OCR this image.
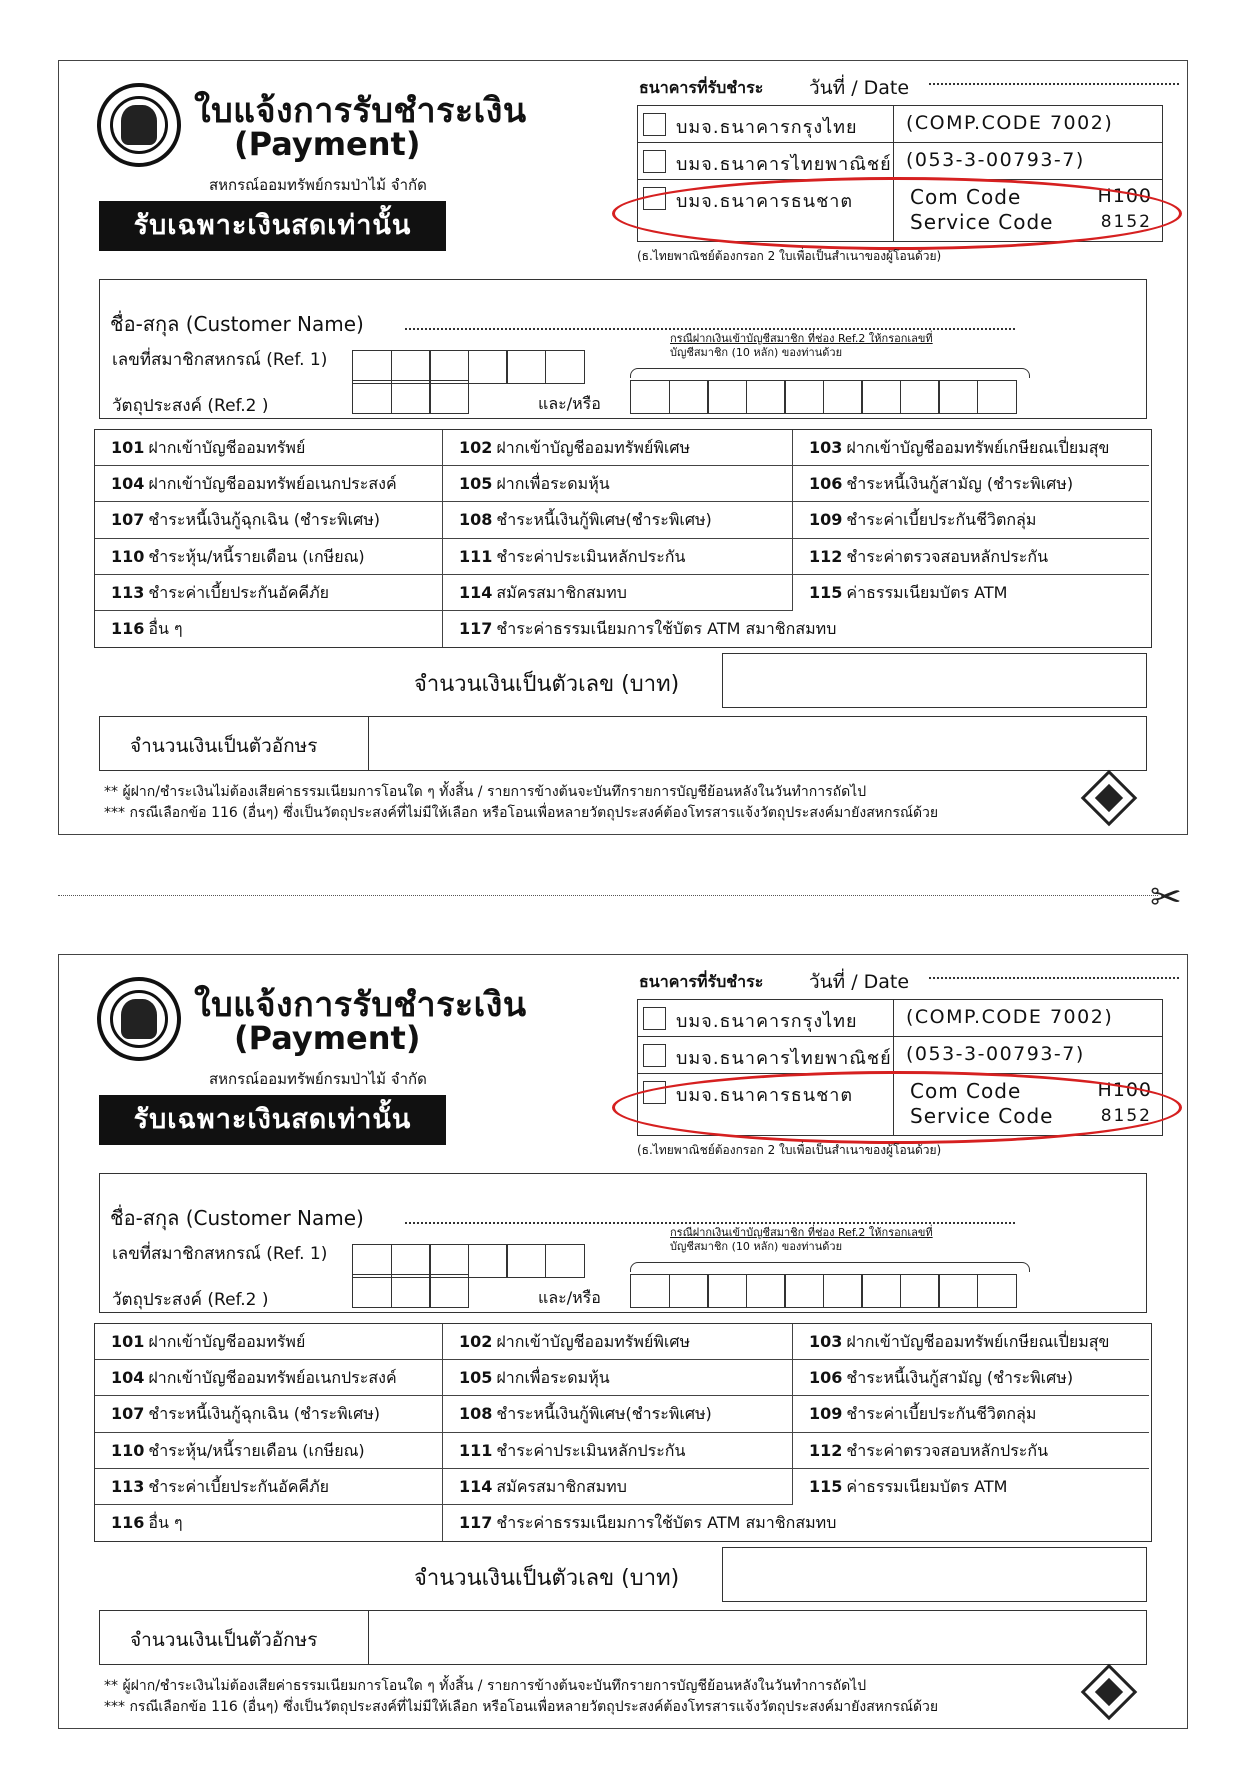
ใบแจ้งการรับชำระเงิน
(Payment)
สหกรณ์ออมทรัพย์กรมป่าไม้ จำกัด
รับเฉพาะเงินสดเท่านั้น
ธนาคารที่รับชำระ วันที่ / Date
บมจ.ธนาคารกรุงไทย	(COMP.CODE 7002)
บมจ.ธนาคารไทยพาณิชย์ (053-3-00793-7)
บมจ.ธนาคารธนชาต	Com Code	H100
Service Code	8152
(ธ.ไทยพาณิชย์ต้องกรอก 2 ใบเพื่อเป็นสำเนาของผู้โอนด้วย)
ชื่อ-สกุล (Customer Name)
เลขที่สมาชิกสหกรณ์ (Ref. 1)
กรณีฝากเงินเข้าบัญชีสมาชิก ที่ช่อง Ref.2 ให้กรอกเลขที่
บัญชีสมาชิก (10 หลัก) ของท่านด้วย
วัตถุประสงค์ (Ref.2 )	และ/หรือ
101 ฝากเข้าบัญชีออมทรัพย์	102 ฝากเข้าบัญชีออมทรัพย์พิเศษ	103 ฝากเข้าบัญชีออมทรัพย์เกษียณเปี่ยมสุข
104 ฝากเข้าบัญชีออมทรัพย์อเนกประสงค์	105 ฝากเพื่อระดมหุ้น	106 ชำระหนี้เงินกู้สามัญ (ชำระพิเศษ)
107 ชำระหนี้เงินกู้ฉุกเฉิน (ชำระพิเศษ)	108 ชำระหนี้เงินกู้พิเศษ(ชำระพิเศษ)	109 ชำระค่าเบี้ยประกันชีวิตกลุ่ม
110 ชำระหุ้น/หนี้รายเดือน (เกษียณ)	111 ชำระค่าประเมินหลักประกัน	112 ชำระค่าตรวจสอบหลักประกัน
113 ชำระค่าเบี้ยประกันอัคคีภัย	114 สมัครสมาชิกสมทบ	115 ค่าธรรมเนียมบัตร ATM
116 อื่น ๆ	117 ชำระค่าธรรมเนียมการใช้บัตร ATM สมาชิกสมทบ
จำนวนเงินเป็นตัวเลข (บาท)
จำนวนเงินเป็นตัวอักษร
** ผู้ฝาก/ชำระเงินไม่ต้องเสียค่าธรรมเนียมการโอนใด ๆ ทั้งสิ้น / รายการข้างต้นจะบันทึกรายการบัญชีย้อนหลังในวันทำการถัดไป
*** กรณีเลือกข้อ 116 (อื่นๆ) ซึ่งเป็นวัตถุประสงค์ที่ไม่มีให้เลือก หรือโอนเพื่อหลายวัตถุประสงค์ต้องโทรสารแจ้งวัตถุประสงค์มายังสหกรณ์ด้วย
✂
ใบแจ้งการรับชำระเงิน
(Payment)
สหกรณ์ออมทรัพย์กรมป่าไม้ จำกัด
รับเฉพาะเงินสดเท่านั้น
ธนาคารที่รับชำระ วันที่ / Date
บมจ.ธนาคารกรุงไทย	(COMP.CODE 7002)
บมจ.ธนาคารไทยพาณิชย์ (053-3-00793-7)
บมจ.ธนาคารธนชาต	Com Code	H100
Service Code	8152
(ธ.ไทยพาณิชย์ต้องกรอก 2 ใบเพื่อเป็นสำเนาของผู้โอนด้วย)
ชื่อ-สกุล (Customer Name)
เลขที่สมาชิกสหกรณ์ (Ref. 1)
กรณีฝากเงินเข้าบัญชีสมาชิก ที่ช่อง Ref.2 ให้กรอกเลขที่
บัญชีสมาชิก (10 หลัก) ของท่านด้วย
วัตถุประสงค์ (Ref.2 )	และ/หรือ
101 ฝากเข้าบัญชีออมทรัพย์	102 ฝากเข้าบัญชีออมทรัพย์พิเศษ	103 ฝากเข้าบัญชีออมทรัพย์เกษียณเปี่ยมสุข
104 ฝากเข้าบัญชีออมทรัพย์อเนกประสงค์	105 ฝากเพื่อระดมหุ้น	106 ชำระหนี้เงินกู้สามัญ (ชำระพิเศษ)
107 ชำระหนี้เงินกู้ฉุกเฉิน (ชำระพิเศษ)	108 ชำระหนี้เงินกู้พิเศษ(ชำระพิเศษ)	109 ชำระค่าเบี้ยประกันชีวิตกลุ่ม
110 ชำระหุ้น/หนี้รายเดือน (เกษียณ)	111 ชำระค่าประเมินหลักประกัน	112 ชำระค่าตรวจสอบหลักประกัน
113 ชำระค่าเบี้ยประกันอัคคีภัย	114 สมัครสมาชิกสมทบ	115 ค่าธรรมเนียมบัตร ATM
116 อื่น ๆ	117 ชำระค่าธรรมเนียมการใช้บัตร ATM สมาชิกสมทบ
จำนวนเงินเป็นตัวเลข (บาท)
จำนวนเงินเป็นตัวอักษร
** ผู้ฝาก/ชำระเงินไม่ต้องเสียค่าธรรมเนียมการโอนใด ๆ ทั้งสิ้น / รายการข้างต้นจะบันทึกรายการบัญชีย้อนหลังในวันทำการถัดไป
*** กรณีเลือกข้อ 116 (อื่นๆ) ซึ่งเป็นวัตถุประสงค์ที่ไม่มีให้เลือก หรือโอนเพื่อหลายวัตถุประสงค์ต้องโทรสารแจ้งวัตถุประสงค์มายังสหกรณ์ด้วย
